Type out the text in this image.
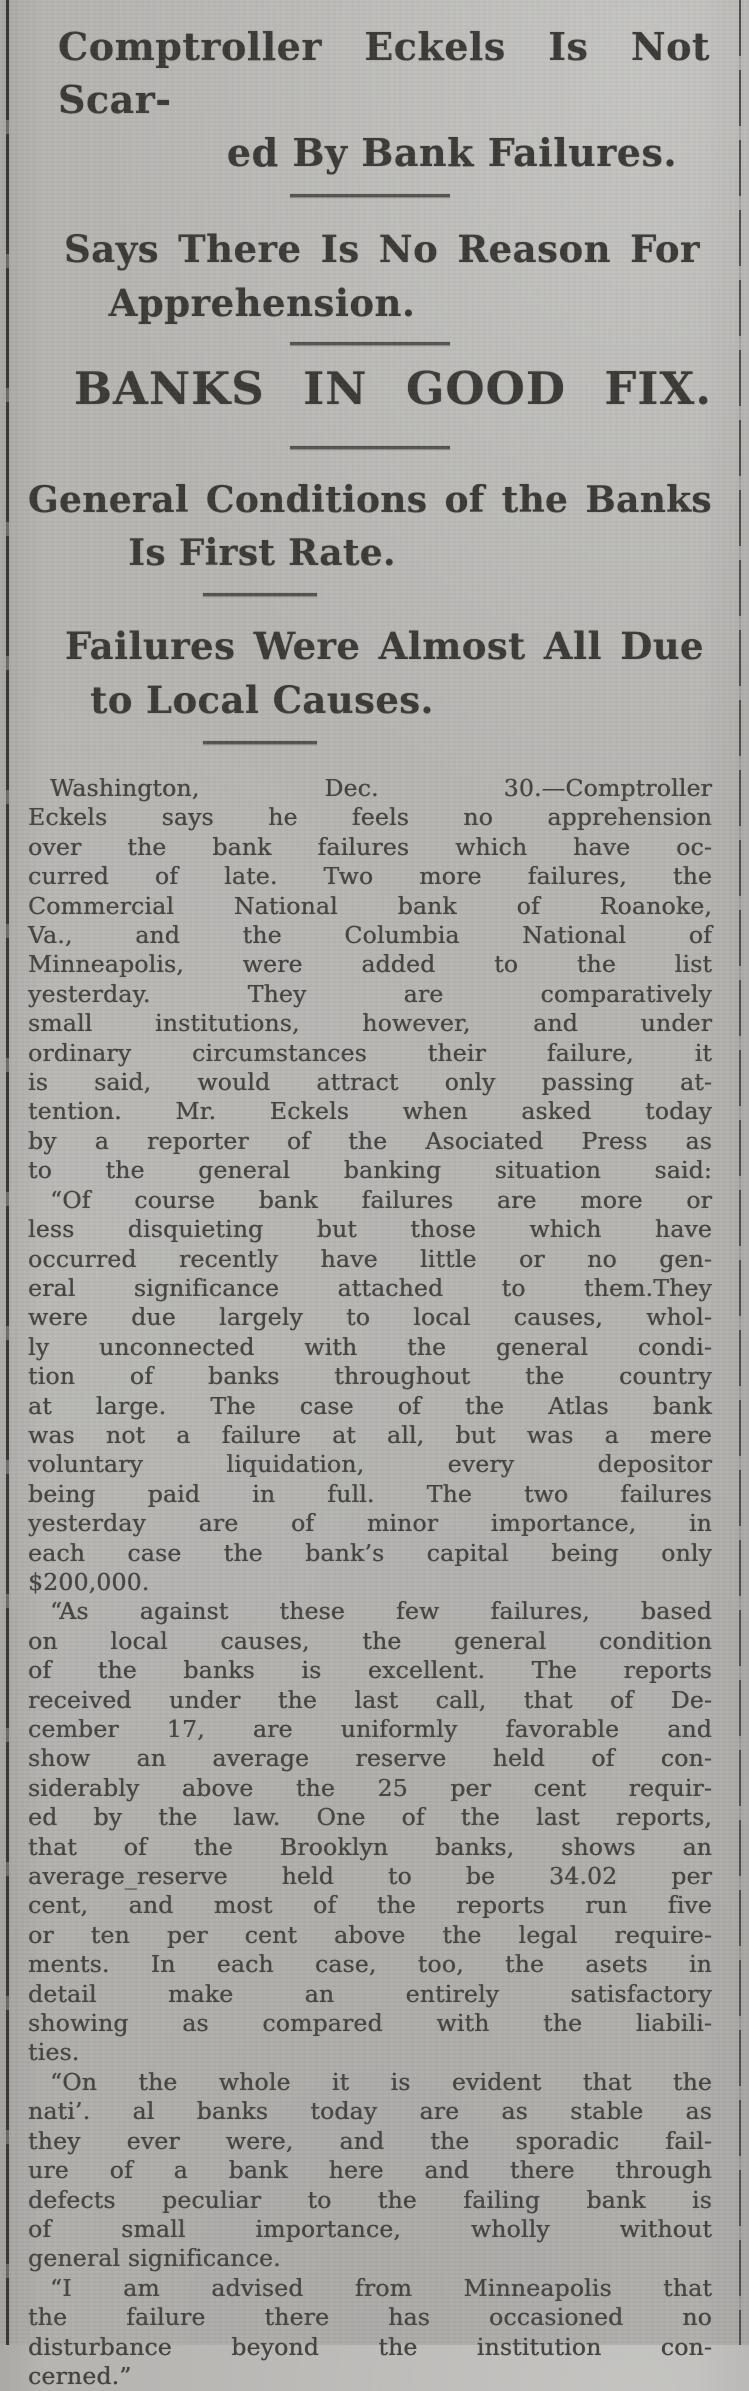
Comptroller Eckels Is Not Scar-
ed By Bank Failures.
Says There Is No Reason For
Apprehension.
BANKS IN GOOD FIX.
General Conditions of the Banks
Is First Rate.
Failures Were Almost All Due
to Local Causes.
Washington, Dec. 30.—Comptroller
Eckels says he feels no apprehension
over the bank failures which have oc-
curred of late. Two more failures, the
Commercial National bank of Roanoke,
Va., and the Columbia National of
Minneapolis, were added to the list
yesterday. They are comparatively
small institutions, however, and under
ordinary circumstances their failure, it
is said, would attract only passing at-
tention. Mr. Eckels when asked today
by a reporter of the Asociated Press as
to the general banking situation said:
“Of course bank failures are more or
less disquieting but those which have
occurred recently have little or no gen-
eral significance attached to them.They
were due largely to local causes, whol-
ly unconnected with the general condi-
tion of banks throughout the country
at large. The case of the Atlas bank
was not a failure at all, but was a mere
voluntary liquidation, every depositor
being paid in full. The two failures
yesterday are of minor importance, in
each case the bank’s capital being only
$200,000.
“As against these few failures, based
on local causes, the general condition
of the banks is excellent. The reports
received under the last call, that of De-
cember 17, are uniformly favorable and
show an average reserve held of con-
siderably above the 25 per cent requir-
ed by the law. One of the last reports,
that of the Brooklyn banks, shows an
average_reserve held to be 34.02 per
cent, and most of the reports run five
or ten per cent above the legal require-
ments. In each case, too, the asets in
detail make an entirely satisfactory
showing as compared with the liabili-
ties.
“On the whole it is evident that the
nati’. al banks today are as stable as
they ever were, and the sporadic fail-
ure of a bank here and there through
defects peculiar to the failing bank is
of small importance, wholly without
general significance.
“I am advised from Minneapolis that
the failure there has occasioned no
disturbance beyond the institution con-
cerned.”
